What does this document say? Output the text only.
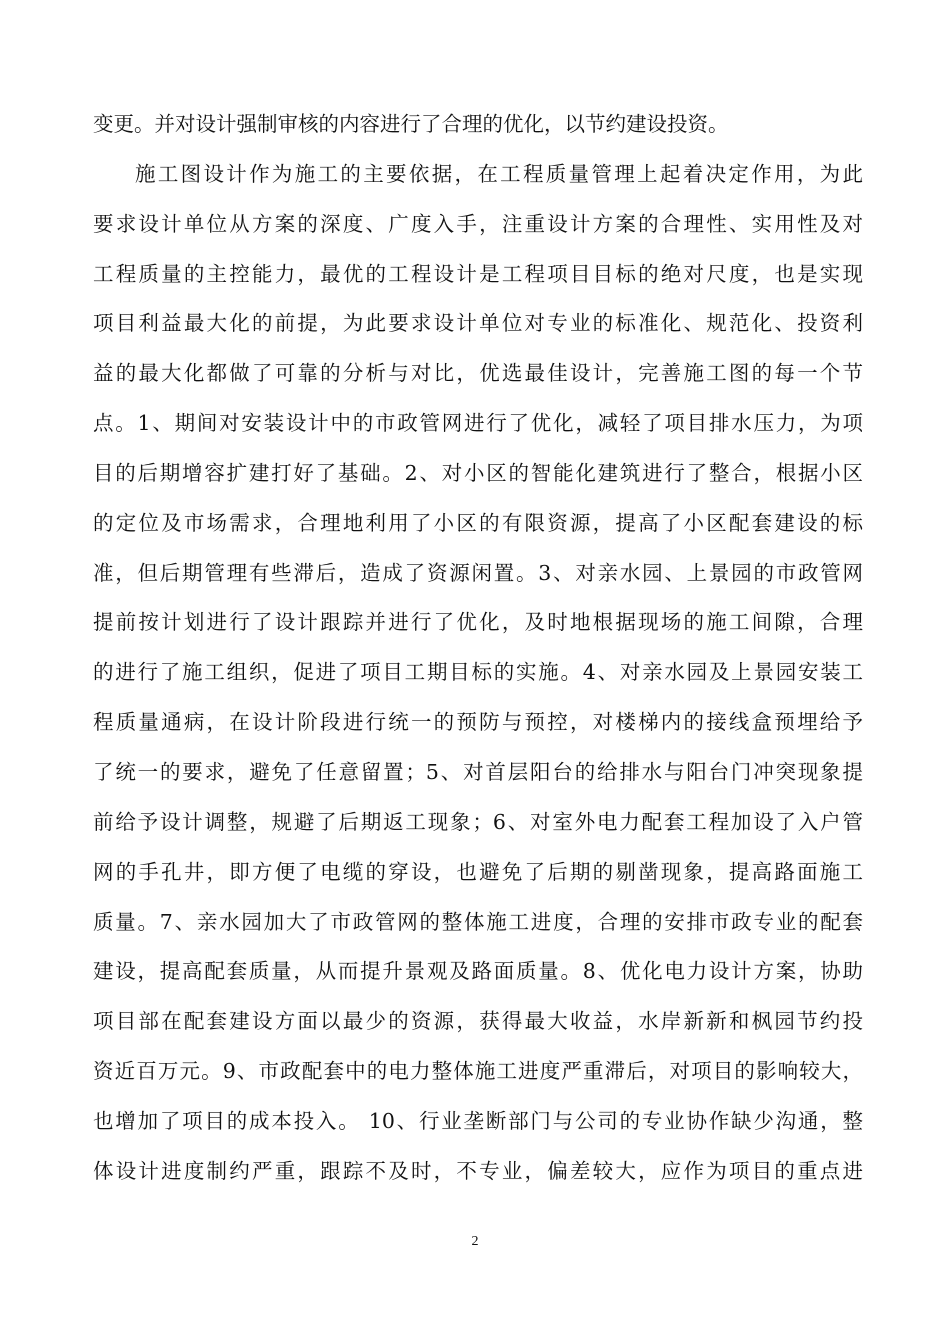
变更。并对设计强制审核的内容进行了合理的优化，以节约建设投资。
施工图设计作为施工的主要依据，在工程质量管理上起着决定作用，为此
要求设计单位从方案的深度、广度入手，注重设计方案的合理性、实用性及对
工程质量的主控能力，最优的工程设计是工程项目目标的绝对尺度，也是实现
项目利益最大化的前提，为此要求设计单位对专业的标准化、规范化、投资利
益的最大化都做了可靠的分析与对比，优选最佳设计，完善施工图的每一个节
点。1、期间对安装设计中的市政管网进行了优化，减轻了项目排水压力，为项
目的后期增容扩建打好了基础。2、对小区的智能化建筑进行了整合，根据小区
的定位及市场需求，合理地利用了小区的有限资源，提高了小区配套建设的标
准，但后期管理有些滞后，造成了资源闲置。3、对亲水园、上景园的市政管网
提前按计划进行了设计跟踪并进行了优化，及时地根据现场的施工间隙，合理
的进行了施工组织，促进了项目工期目标的实施。4、对亲水园及上景园安装工
程质量通病，在设计阶段进行统一的预防与预控，对楼梯内的接线盒预埋给予
了统一的要求，避免了任意留置；5、对首层阳台的给排水与阳台门冲突现象提
前给予设计调整，规避了后期返工现象；6、对室外电力配套工程加设了入户管
网的手孔井，即方便了电缆的穿设，也避免了后期的剔凿现象，提高路面施工
质量。7、亲水园加大了市政管网的整体施工进度，合理的安排市政专业的配套
建设，提高配套质量，从而提升景观及路面质量。8、优化电力设计方案，协助
项目部在配套建设方面以最少的资源，获得最大收益，水岸新新和枫园节约投
资近百万元。9、市政配套中的电力整体施工进度严重滞后，对项目的影响较大，
也增加了项目的成本投入。 10、行业垄断部门与公司的专业协作缺少沟通，整
体设计进度制约严重，跟踪不及时，不专业，偏差较大，应作为项目的重点进
2
